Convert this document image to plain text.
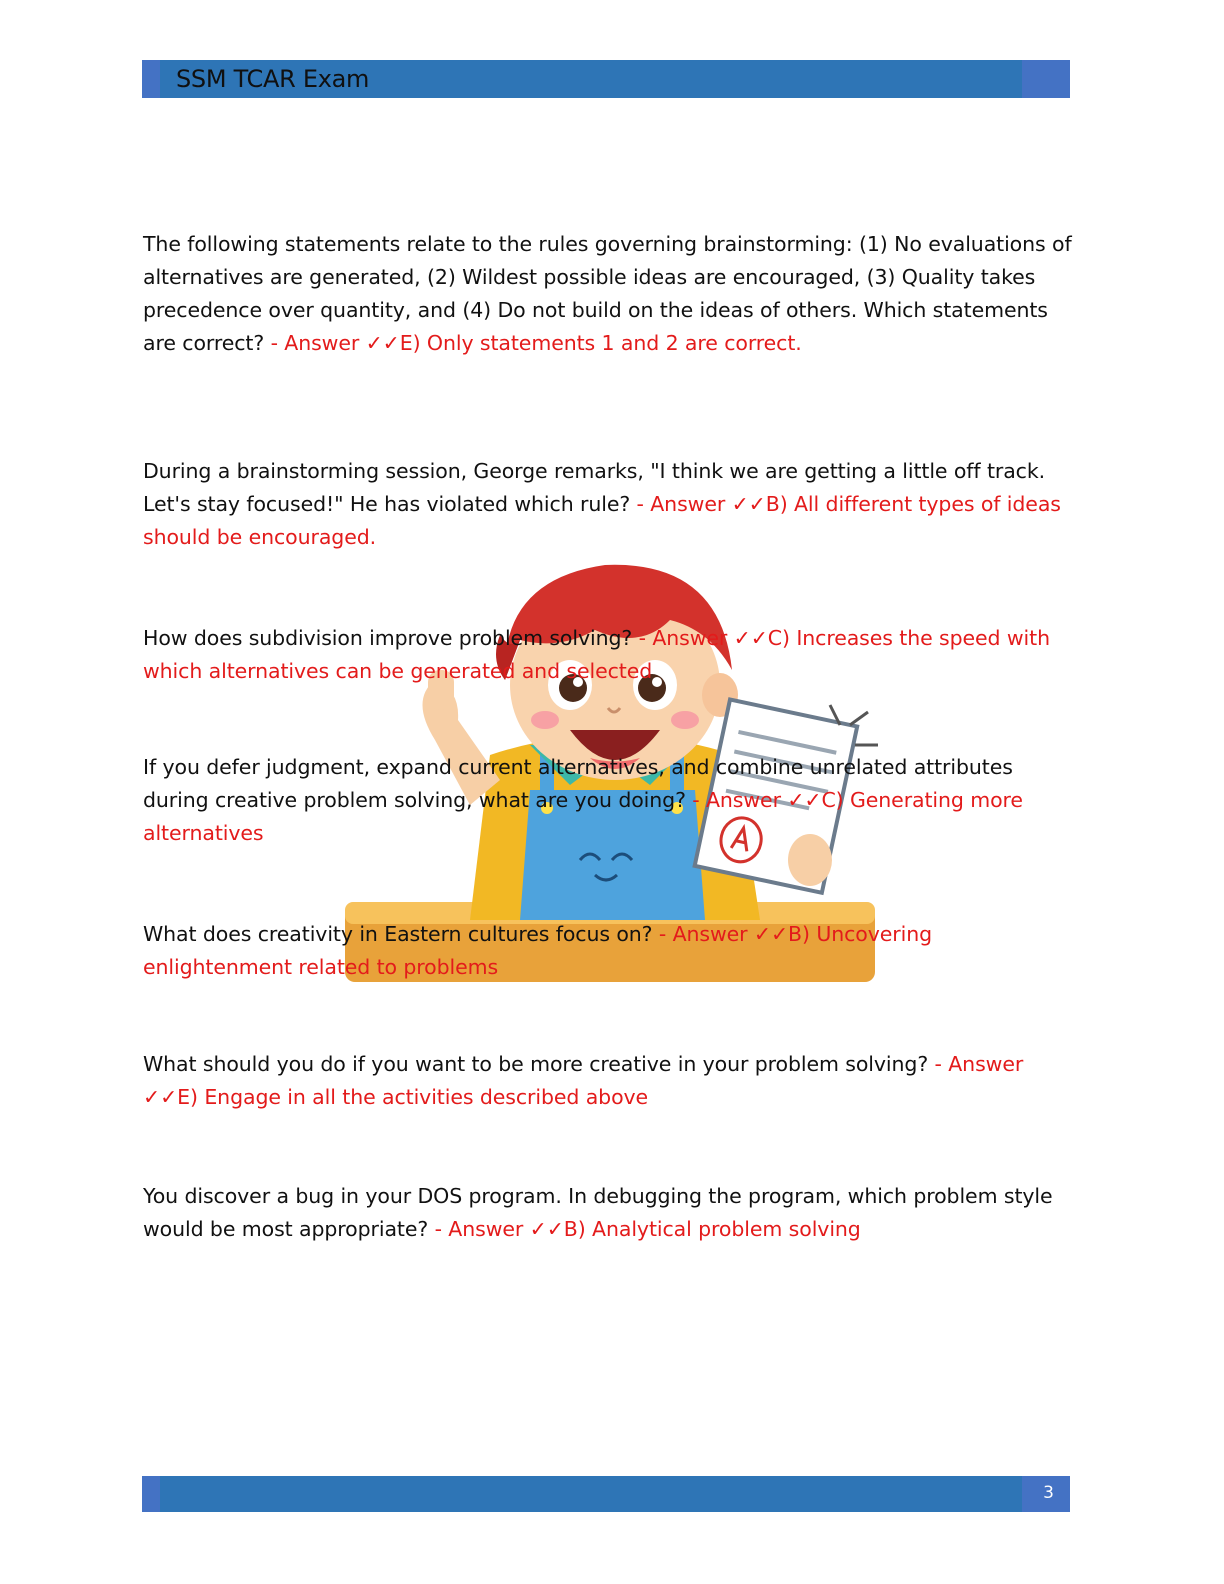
SSM TCAR Exam

The following statements relate to the rules governing brainstorming: (1) No evaluations of alternatives are generated, (2) Wildest possible ideas are encouraged, (3) Quality takes precedence over quantity, and (4) Do not build on the ideas of others. Which statements are correct? - Answer ✓✓E) Only statements 1 and 2 are correct.

During a brainstorming session, George remarks, "I think we are getting a little off track. Let's stay focused!" He has violated which rule? - Answer ✓✓B) All different types of ideas should be encouraged.

How does subdivision improve problem solving? - Answer ✓✓C) Increases the speed with which alternatives can be generated and selected

If you defer judgment, expand current alternatives, and combine unrelated attributes during creative problem solving, what are you doing? - Answer ✓✓C) Generating more alternatives

What does creativity in Eastern cultures focus on? - Answer ✓✓B) Uncovering enlightenment related to problems

What should you do if you want to be more creative in your problem solving? - Answer ✓✓E) Engage in all the activities described above

You discover a bug in your DOS program. In debugging the program, which problem style would be most appropriate? - Answer ✓✓B) Analytical problem solving

3
